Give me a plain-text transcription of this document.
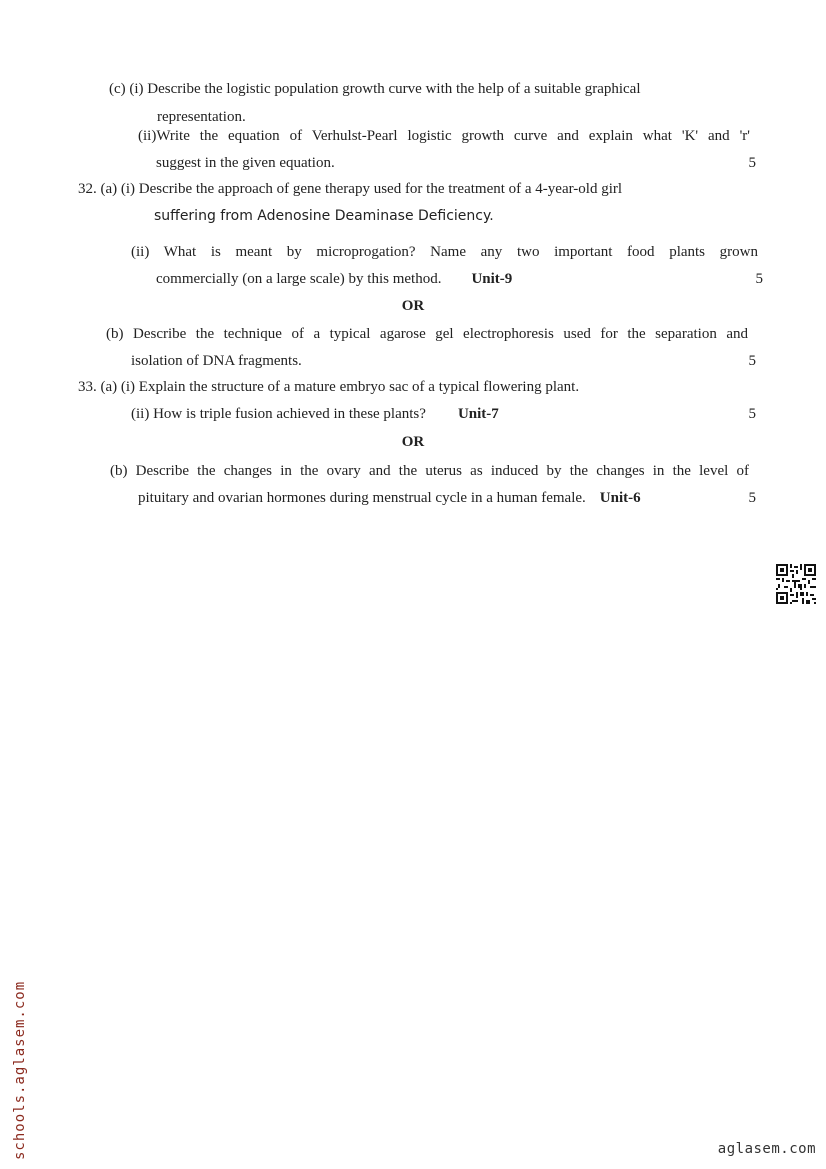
(c) (i) Describe the logistic population growth curve with the help of a suitable graphical
representation.
(ii)Write the equation of Verhulst-Pearl logistic growth curve and explain what 'K' and 'r'
suggest in the given equation.	5
32. (a) (i) Describe the approach of gene therapy used for the treatment of a 4-year-old girl
suffering from Adenosine Deaminase Deficiency.
(ii) What is meant by microprogation? Name any two important food plants grown
commercially (on a large scale) by this method. Unit-9	5
OR
(b) Describe the technique of a typical agarose gel electrophoresis used for the separation and
isolation of DNA fragments.	5
33. (a) (i) Explain the structure of a mature embryo sac of a typical flowering plant.
(ii) How is triple fusion achieved in these plants? Unit-7	5
OR
(b) Describe the changes in the ovary and the uterus as induced by the changes in the level of
pituitary and ovarian hormones during menstrual cycle in a human female. Unit-6	5
schools.aglasem.com	aglasem.com
